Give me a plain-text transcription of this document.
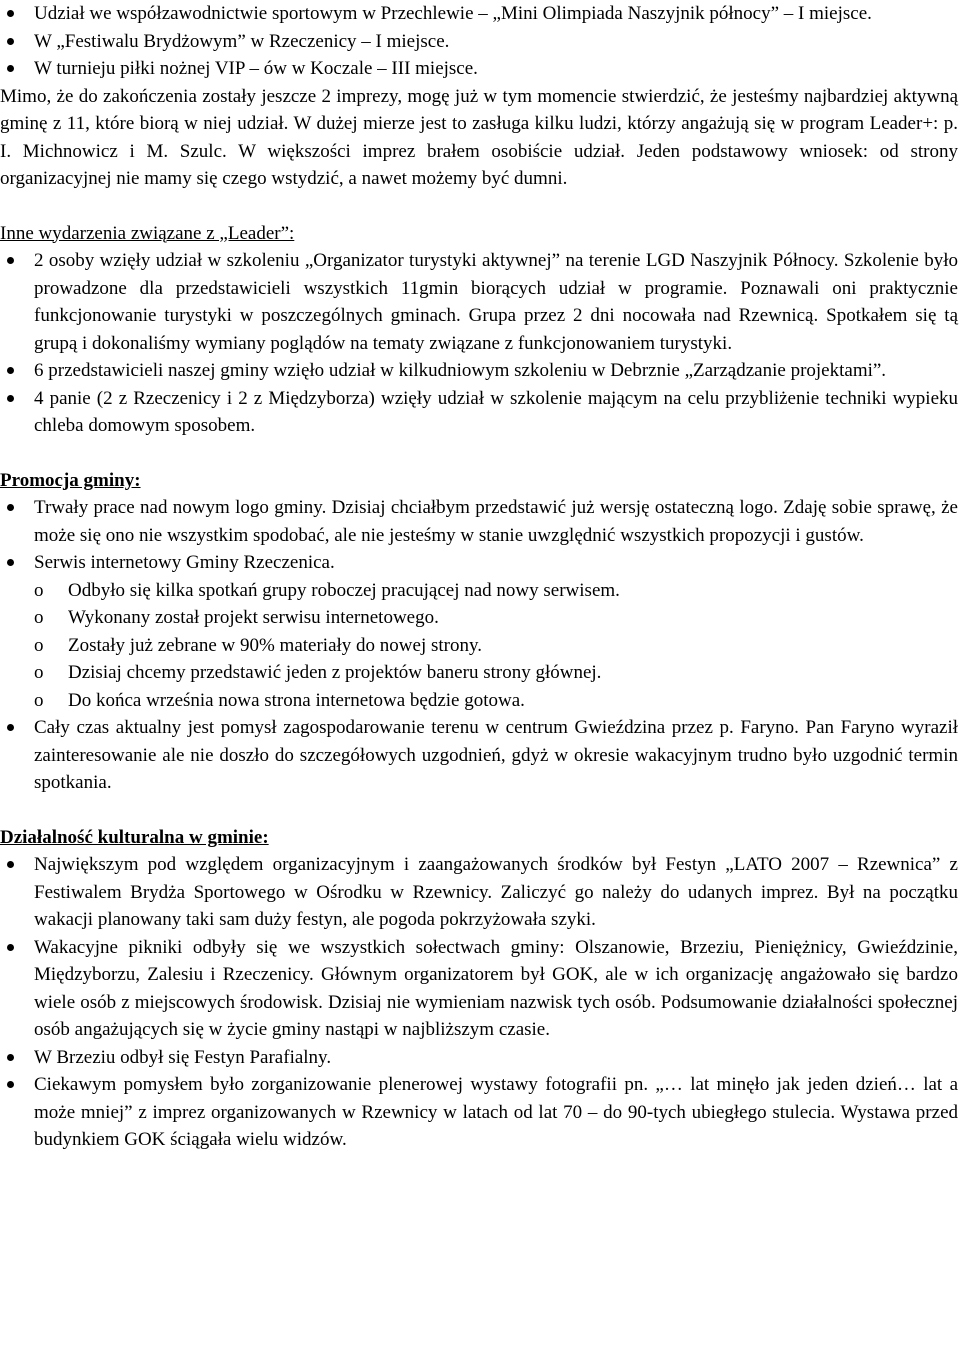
Udział we współzawodnictwie sportowym w Przechlewie – „Mini Olimpiada Naszyjnik północy” – I miejsce.
W „Festiwalu Brydżowym” w Rzeczenicy – I miejsce.
W turnieju piłki nożnej VIP – ów w Koczale – III miejsce.
Mimo, że do zakończenia zostały jeszcze 2 imprezy, mogę już w tym momencie stwierdzić, że jesteśmy najbardziej aktywną gminę z 11, które biorą w niej udział. W dużej mierze jest to zasługa kilku ludzi, którzy angażują się w program Leader+: p. I. Michnowicz i M. Szulc. W większości imprez brałem osobiście udział. Jeden podstawowy wniosek: od strony organizacyjnej nie mamy się czego wstydzić, a nawet możemy być dumni.
Inne wydarzenia związane z „Leader”:
2 osoby wzięły udział w szkoleniu „Organizator turystyki aktywnej” na terenie LGD Naszyjnik Północy. Szkolenie było prowadzone dla przedstawicieli wszystkich 11gmin biorących udział w programie. Poznawali oni praktycznie funkcjonowanie turystyki w poszczególnych gminach. Grupa przez 2 dni nocowała nad Rzewnicą. Spotkałem się tą grupą i dokonaliśmy wymiany poglądów na tematy związane z funkcjonowaniem turystyki.
6 przedstawicieli naszej gminy wzięło udział w kilkudniowym szkoleniu w Debrznie „Zarządzanie projektami”.
4 panie (2 z Rzeczenicy i 2 z Międzyborza) wzięły udział w szkolenie mającym na celu przybliżenie techniki wypieku chleba domowym sposobem.
Promocja gminy:
Trwały prace nad nowym logo gminy. Dzisiaj chciałbym przedstawić już wersję ostateczną logo. Zdaję sobie sprawę, że może się ono nie wszystkim spodobać, ale nie jesteśmy w stanie uwzględnić wszystkich propozycji i gustów.
Serwis internetowy Gminy Rzeczenica.
o Odbyło się kilka spotkań grupy roboczej pracującej nad nowy serwisem.
o Wykonany został projekt serwisu internetowego.
o Zostały już zebrane w 90% materiały do nowej strony.
o Dzisiaj chcemy przedstawić jeden z projektów baneru strony głównej.
o Do końca września nowa strona internetowa będzie gotowa.
Cały czas aktualny jest pomysł zagospodarowanie terenu w centrum Gwieździna przez p. Faryno. Pan Faryno wyraził zainteresowanie ale nie doszło do szczegółowych uzgodnień, gdyż w okresie wakacyjnym trudno było uzgodnić termin spotkania.
Działalność kulturalna w gminie:
Największym pod względem organizacyjnym i zaangażowanych środków był Festyn „LATO 2007 – Rzewnica” z Festiwalem Brydża Sportowego w Ośrodku w Rzewnicy. Zaliczyć go należy do udanych imprez. Był na początku wakacji planowany taki sam duży festyn, ale pogoda pokrzyżowała szyki.
Wakacyjne pikniki odbyły się we wszystkich sołectwach gminy: Olszanowie, Brzeziu, Pieniężnicy, Gwieździnie, Międzyborzu, Zalesiu i Rzeczenicy. Głównym organizatorem był GOK, ale w ich organizację angażowało się bardzo wiele osób z miejscowych środowisk. Dzisiaj nie wymieniam nazwisk tych osób. Podsumowanie działalności społecznej osób angażujących się w życie gminy nastąpi w najbliższym czasie.
W Brzeziu odbył się Festyn Parafialny.
Ciekawym pomysłem było zorganizowanie plenerowej wystawy fotografii pn. „… lat minęło jak jeden dzień… lat a może mniej” z imprez organizowanych w Rzewnicy w latach od lat 70 – do 90-tych ubiegłego stulecia. Wystawa przed budynkiem GOK ściągała wielu widzów.
